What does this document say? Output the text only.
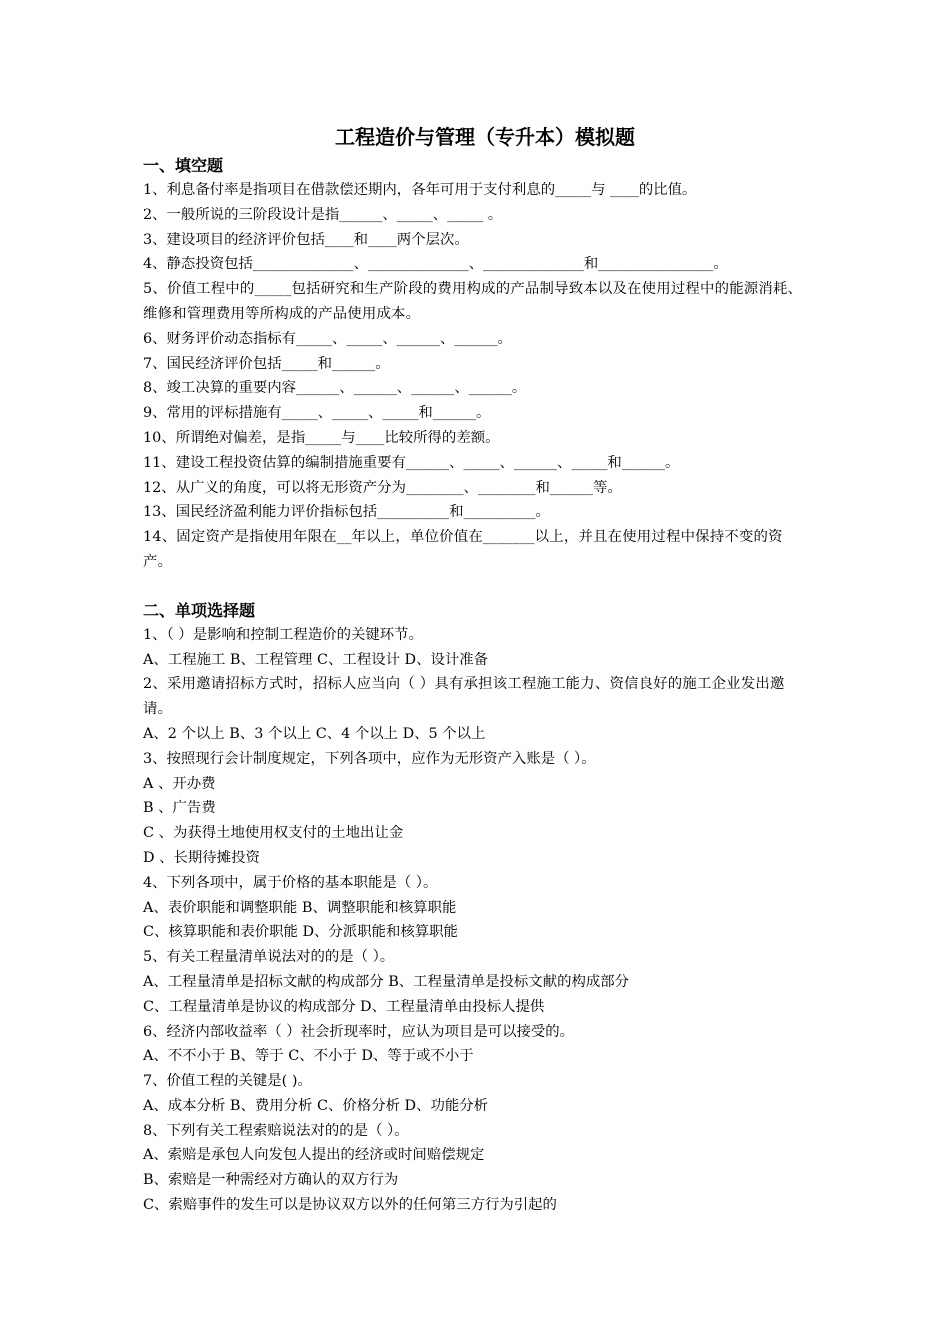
工程造价与管理（专升本）模拟题
一、填空题
1、利息备付率是指项目在借款偿还期内，各年可用于支付利息的_____与 ____的比值。
2、一般所说的三阶段设计是指______、_____、_____ 。
3、建设项目的经济评价包括____和____两个层次。
4、静态投资包括______________、______________、______________和________________。
5、价值工程中的_____包括研究和生产阶段的费用构成的产品制导致本以及在使用过程中的能源消耗、维修和管理费用等所构成的产品使用成本。
6、财务评价动态指标有_____、_____、______、______。
7、国民经济评价包括_____和______。
8、竣工决算的重要内容______、______、______、______。
9、常用的评标措施有_____、_____、_____和______。
10、所谓绝对偏差，是指_____与____比较所得的差额。
11、建设工程投资估算的编制措施重要有______、_____、______、_____和______。
12、从广义的角度，可以将无形资产分为________、________和______等。
13、国民经济盈利能力评价指标包括__________和__________。
14、固定资产是指使用年限在__年以上，单位价值在_______以上，并且在使用过程中保持不变的资产。
二、单项选择题
1、（ ）是影响和控制工程造价的关键环节。
A、工程施工 B、工程管理 C、工程设计 D、设计准备
2、采用邀请招标方式时，招标人应当向（ ）具有承担该工程施工能力、资信良好的施工企业发出邀请。
A、2 个以上 B、3 个以上 C、4 个以上 D、5 个以上
3、按照现行会计制度规定，下列各项中，应作为无形资产入账是（ ）。
A 、开办费
B 、广告费
C 、为获得土地使用权支付的土地出让金
D 、长期待摊投资
4、下列各项中，属于价格的基本职能是（ ）。
A、表价职能和调整职能 B、调整职能和核算职能
C、核算职能和表价职能 D、分派职能和核算职能
5、有关工程量清单说法对的的是（ ）。
A、工程量清单是招标文献的构成部分 B、工程量清单是投标文献的构成部分
C、工程量清单是协议的构成部分 D、工程量清单由投标人提供
6、经济内部收益率（ ）社会折现率时，应认为项目是可以接受的。
A、不不小于 B、等于 C、不小于 D、等于或不小于
7、价值工程的关键是( )。
A、成本分析 B、费用分析 C、价格分析 D、功能分析
8、下列有关工程索赔说法对的的是（ ）。
A、索赔是承包人向发包人提出的经济或时间赔偿规定
B、索赔是一种需经对方确认的双方行为
C、索赔事件的发生可以是协议双方以外的任何第三方行为引起的
